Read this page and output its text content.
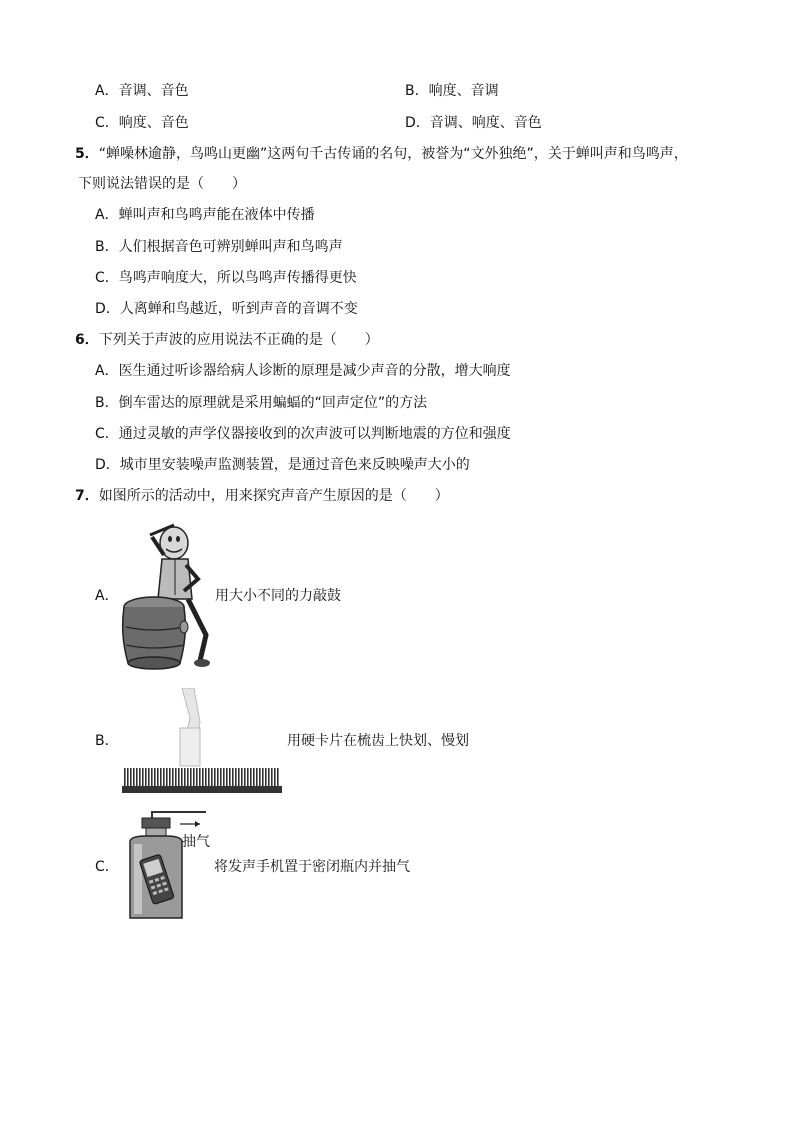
A．音调、音色	B．响度、音调
C．响度、音色	D．音调、响度、音色
5．“蝉噪林逾静，鸟鸣山更幽”这两句千古传诵的名句，被誉为“文外独绝”，关于蝉叫声和鸟鸣声，
下则说法错误的是（　　）
A．蝉叫声和鸟鸣声能在液体中传播
B．人们根据音色可辨别蝉叫声和鸟鸣声
C．鸟鸣声响度大，所以鸟鸣声传播得更快
D．人离蝉和鸟越近，听到声音的音调不变
6．下列关于声波的应用说法不正确的是（　　）
A．医生通过听诊器给病人诊断的原理是减少声音的分散，增大响度
B．倒车雷达的原理就是采用蝙蝠的“回声定位”的方法
C．通过灵敏的声学仪器接收到的次声波可以判断地震的方位和强度
D．城市里安装噪声监测装置，是通过音色来反映噪声大小的
7．如图所示的活动中，用来探究声音产生原因的是（　　）
A．	用大小不同的力敲鼓
B．	用硬卡片在梳齿上快划、慢划
C．
抽气
将发声手机置于密闭瓶内并抽气
